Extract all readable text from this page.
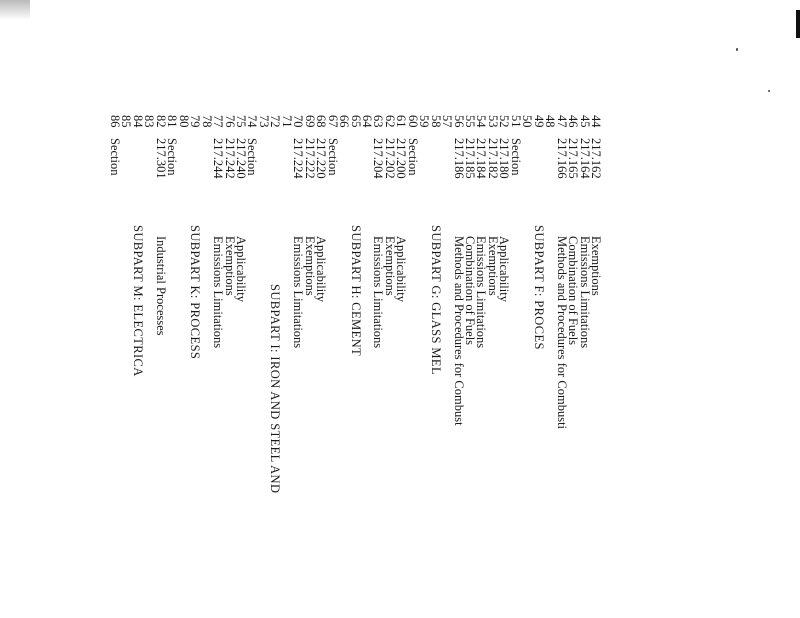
44
217.162
Exemptions
45
217.164
Emissions Limitations
46
217.165
Combination of Fuels
47
217.166
Methods and Procedures for Combusti
48
49
SUBPART F: PROCES
50
51
Section
52
217.180
Applicability
53
217.182
Exemptions
54
217.184
Emissions Limitations
55
217.185
Combination of Fuels
56
217.186
Methods and Procedures for Combust
57
58
SUBPART G: GLASS MEL
59
60
Section
61
217.200
Applicability
62
217.202
Exemptions
63
217.204
Emissions Limitations
64
65
SUBPART H: CEMENT
66
67
Section
68
217.220
Applicability
69
217.222
Exemptions
70
217.224
Emissions Limitations
71
72
SUBPART I: IRON AND STEEL AND
73
74
Section
75
217.240
Applicability
76
217.242
Exemptions
77
217.244
Emissions Limitations
78
79
SUBPART K: PROCESS
80
81
Section
82
217.301
Industrial Processes
83
84
SUBPART M: ELECTRICA
85
86
Section
